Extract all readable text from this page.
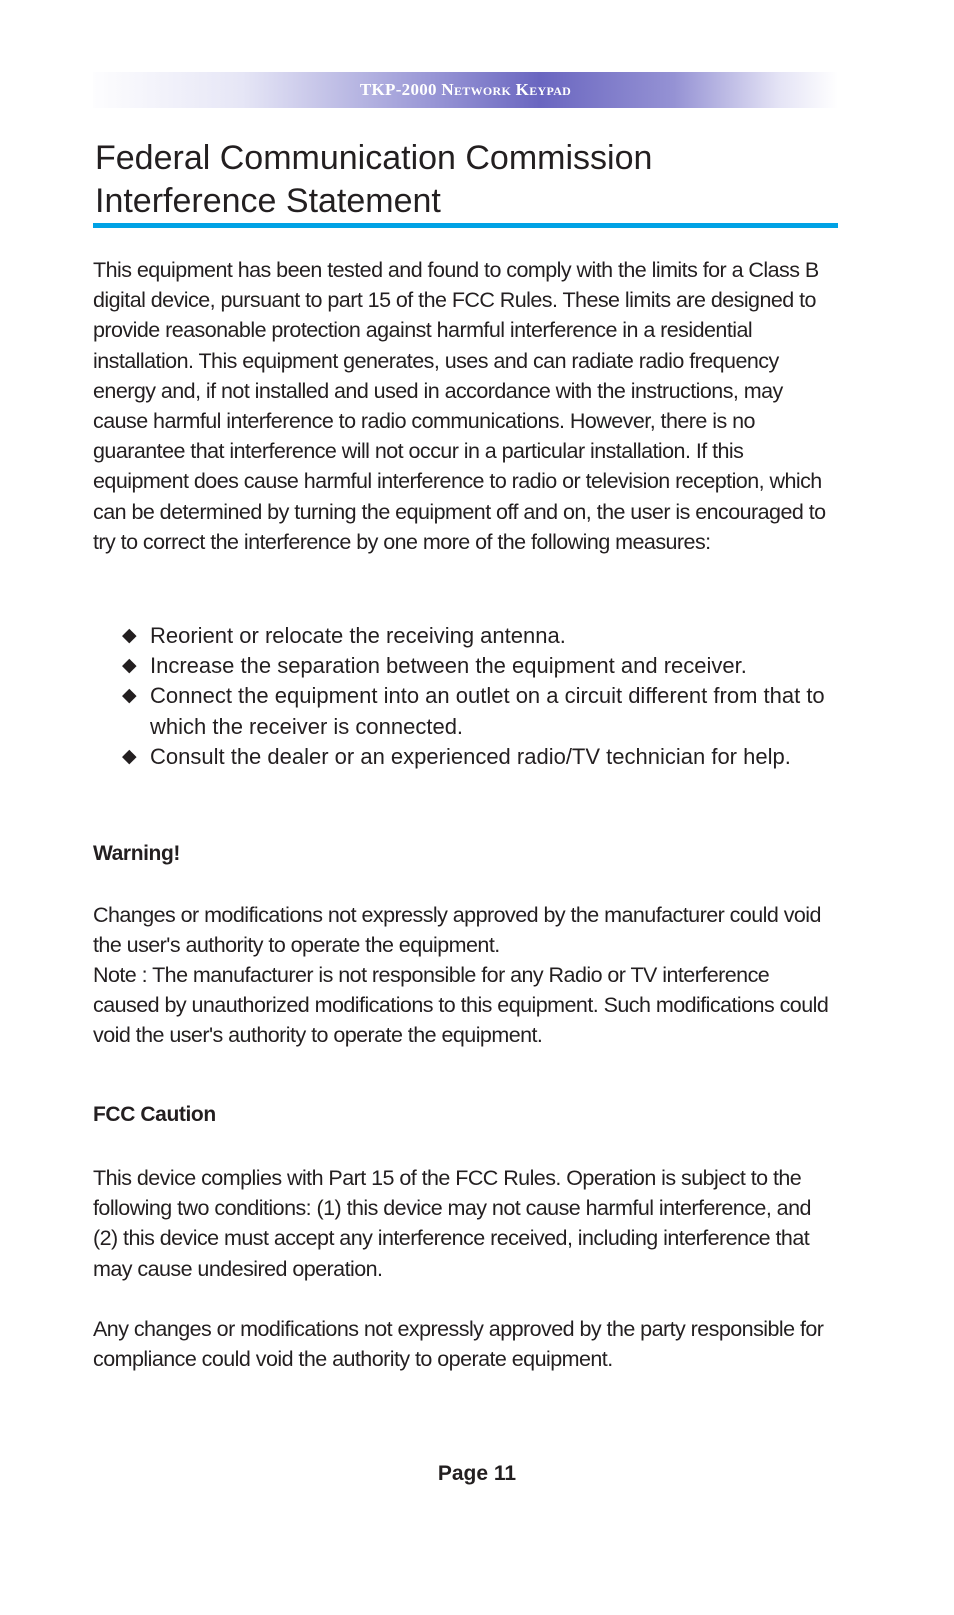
TKP-2000 Network Keypad
Federal Communication Commission
Interference Statement

This equipment has been tested and found to comply with the limits for a Class B digital device, pursuant to part 15 of the FCC Rules. These limits are designed to provide reasonable protection against harmful interference in a residential installation. This equipment generates, uses and can radiate radio frequency energy and, if not installed and used in accordance with the instructions, may cause harmful interference to radio communications. However, there is no guarantee that interference will not occur in a particular installation. If this equipment does cause harmful interference to radio or television reception, which can be determined by turning the equipment off and on, the user is encouraged to try to correct the interference by one more of the following measures:

◆ Reorient or relocate the receiving antenna.
◆ Increase the separation between the equipment and receiver.
◆ Connect the equipment into an outlet on a circuit different from that to which the receiver is connected.
◆ Consult the dealer or an experienced radio/TV technician for help.
Warning!

Changes or modifications not expressly approved by the manufacturer could void the user's authority to operate the equipment.

Note : The manufacturer is not responsible for any Radio or TV interference caused by unauthorized modifications to this equipment. Such modifications could void the user's authority to operate the equipment.

FCC Caution

This device complies with Part 15 of the FCC Rules. Operation is subject to the following two conditions: (1) this device may not cause harmful interference, and (2) this device must accept any interference received, including interference that may cause undesired operation.

Any changes or modifications not expressly approved by the party responsible for compliance could void the authority to operate equipment.

Page 11
